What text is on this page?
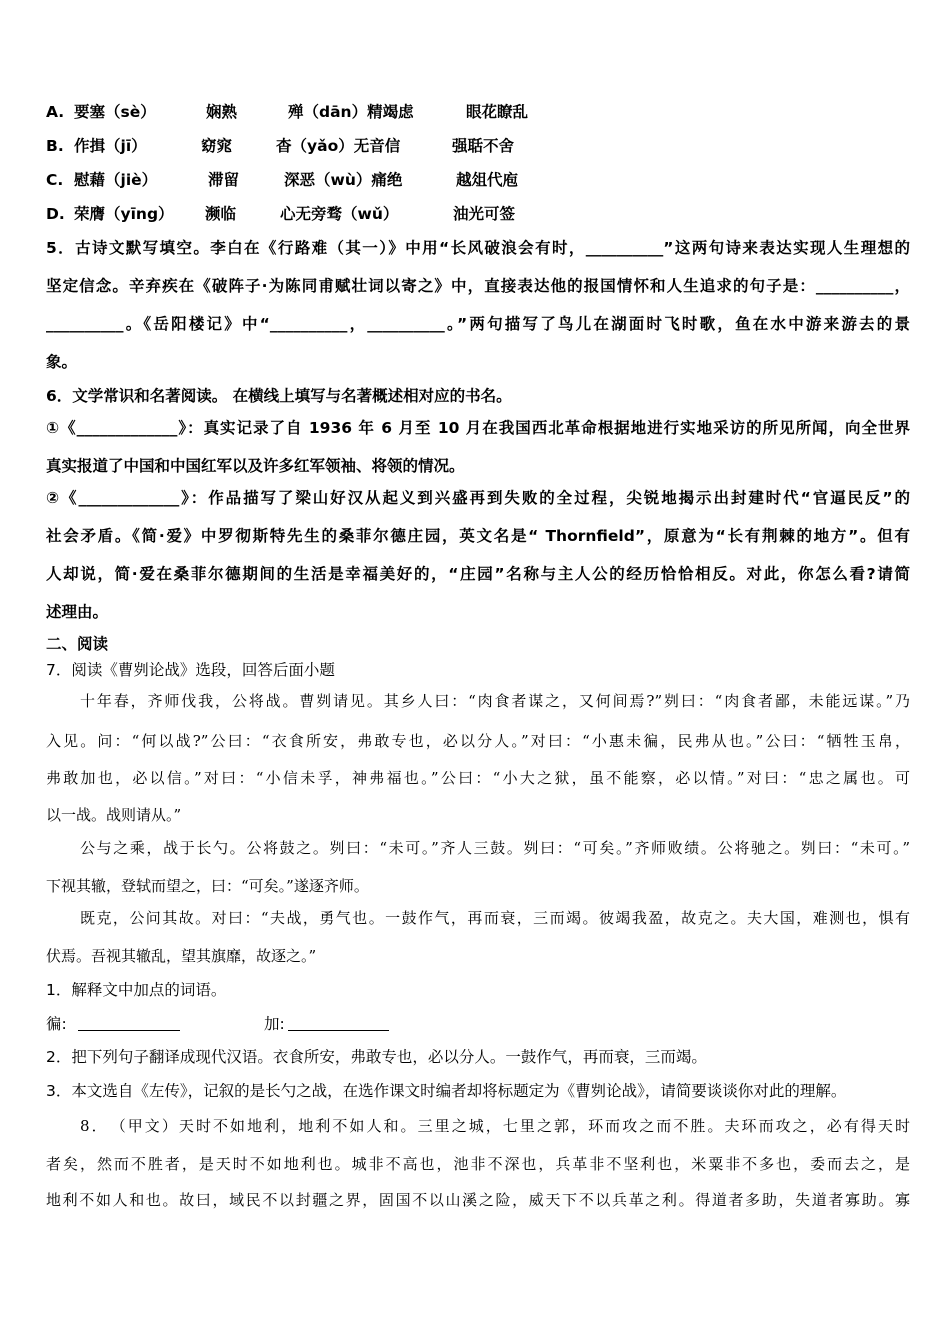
A. 要塞（sè）	娴熟	殚（dān）精竭虑	眼花瞭乱
B. 作揖（jī）	窈窕	杳（yǎo）无音信	强聒不舍
C. 慰藉（jiè）	滞留	深恶（wù）痛绝	越俎代庖
D. 荣膺（yīng） 濒临	心无旁骛（wǔ）	油光可签
5．古诗文默写填空。李白在《行路难（其一）》中用“长风破浪会有时，__________”这两句诗来表达实现人生理想的
坚定信念。辛弃疾在《破阵子·为陈同甫赋壮词以寄之》中，直接表达他的报国情怀和人生追求的句子是：__________，
__________。《岳阳楼记》中“__________，__________。”两句描写了鸟儿在湖面时飞时歌，鱼在水中游来游去的景
象。
6．文学常识和名著阅读。 在横线上填写与名著概述相对应的书名。
①《_____________》：真实记录了自 1936 年 6 月至 10 月在我国西北革命根据地进行实地采访的所见所闻，向全世界
真实报道了中国和中国红军以及许多红军领袖、将领的情况。
②《_____________》：作品描写了梁山好汉从起义到兴盛再到失败的全过程，尖锐地揭示出封建时代“官逼民反”的
社会矛盾。《简·爱》中罗彻斯特先生的桑菲尔德庄园，英文名是“ Thornfield”，原意为“长有荆棘的地方”。但有
人却说，简·爱在桑菲尔德期间的生活是幸福美好的，“庄园”名称与主人公的经历恰恰相反。对此，你怎么看?请简
述理由。
二、阅读
7．阅读《曹刿论战》选段，回答后面小题
十年春，齐师伐我，公将战。曹刿请见。其乡人曰：“肉食者谋之，又何间焉?”刿曰：“肉食者鄙，未能远谋。”乃
入见。问：“何以战?”公曰：“衣食所安，弗敢专也，必以分人。”对曰：“小惠未徧，民弗从也。”公曰：“牺牲玉帛，
弗敢加也，必以信。”对曰：“小信未孚，神弗福也。”公曰：“小大之狱，虽不能察，必以情。”对曰：“忠之属也。可
以一战。战则请从。”
公与之乘，战于长勺。公将鼓之。刿曰：“未可。”齐人三鼓。刿曰：“可矣。”齐师败绩。公将驰之。刿曰：“未可。”
下视其辙，登轼而望之，曰：“可矣。”遂逐齐师。
既克，公问其故。对曰：“夫战，勇气也。一鼓作气，再而衰，三而竭。彼竭我盈，故克之。夫大国，难测也，惧有
伏焉。吾视其辙乱，望其旗靡，故逐之。”
1．解释文中加点的词语。
徧:	加:
2．把下列句子翻译成现代汉语。衣食所安，弗敢专也，必以分人。一鼓作气，再而衰，三而竭。
3．本文选自《左传》，记叙的是长勺之战，在选作课文时编者却将标题定为《曹刿论战》，请简要谈谈你对此的理解。
8．　（甲文）天时不如地利，地利不如人和。三里之城，七里之郭，环而攻之而不胜。夫环而攻之，必有得天时
者矣，然而不胜者，是天时不如地利也。城非不高也，池非不深也，兵革非不坚利也，米粟非不多也，委而去之，是
地利不如人和也。故曰，域民不以封疆之界，固国不以山溪之险，威天下不以兵革之利。得道者多助，失道者寡助。寡
